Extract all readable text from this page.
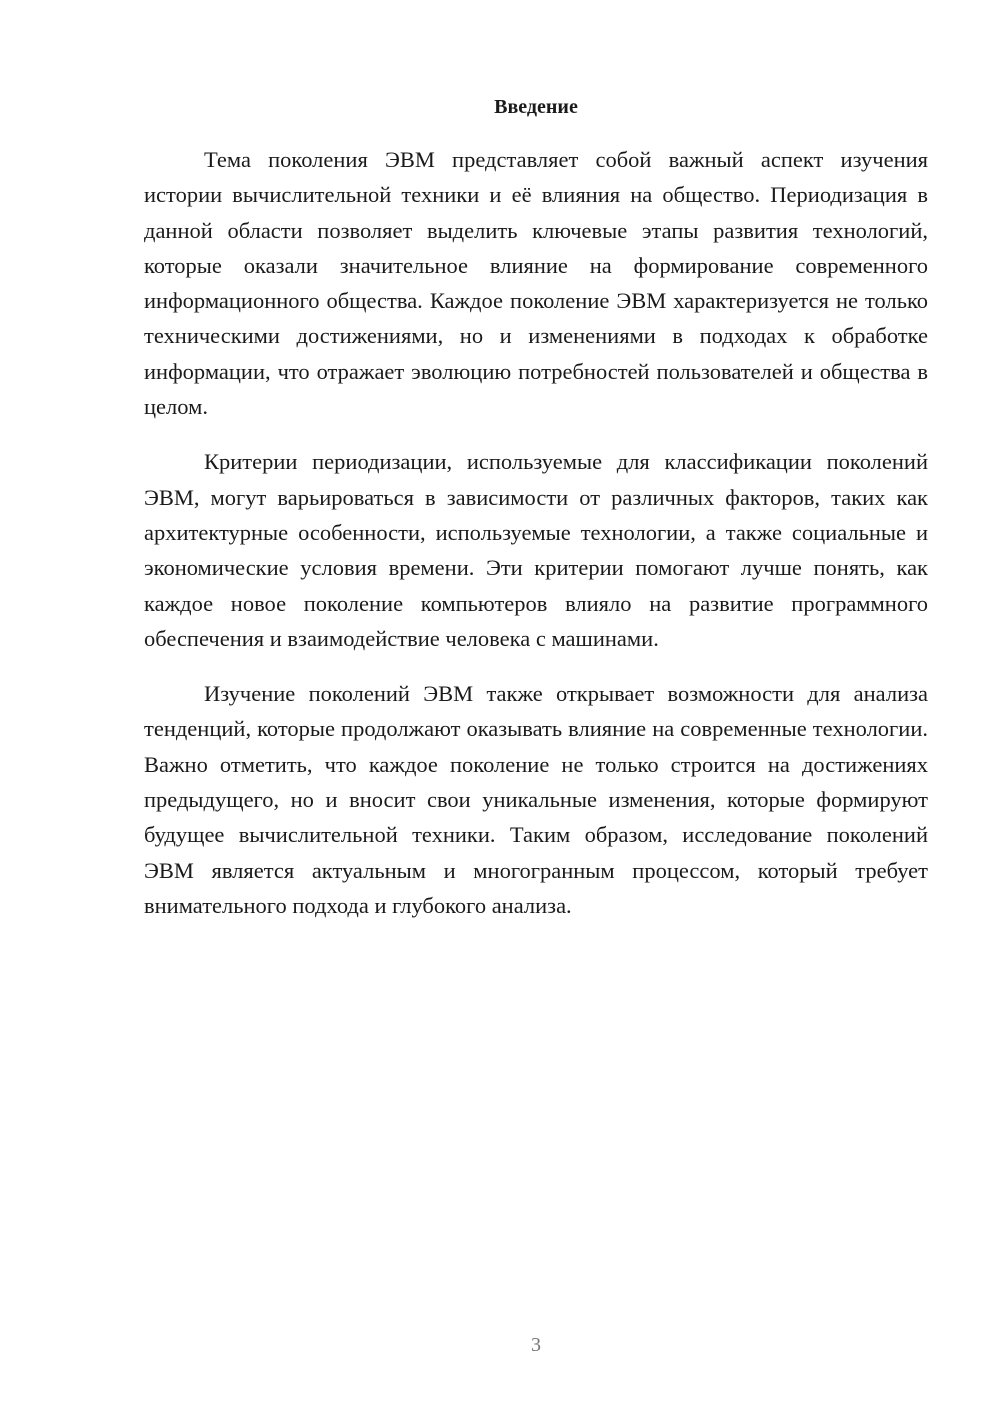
Введение

Тема поколения ЭВМ представляет собой важный аспект изучения истории вычислительной техники и её влияния на общество. Периодизация в данной области позволяет выделить ключевые этапы развития технологий, которые оказали значительное влияние на формирование современного информационного общества. Каждое поколение ЭВМ характеризуется не только техническими достижениями, но и изменениями в подходах к обработке информации, что отражает эволюцию потребностей пользователей и общества в целом.

Критерии периодизации, используемые для классификации поколений ЭВМ, могут варьироваться в зависимости от различных факторов, таких как архитектурные особенности, используемые технологии, а также социальные и экономические условия времени. Эти критерии помогают лучше понять, как каждое новое поколение компьютеров влияло на развитие программного обеспечения и взаимодействие человека с машинами.

Изучение поколений ЭВМ также открывает возможности для анализа тенденций, которые продолжают оказывать влияние на современные технологии. Важно отметить, что каждое поколение не только строится на достижениях предыдущего, но и вносит свои уникальные изменения, которые формируют будущее вычислительной техники. Таким образом, исследование поколений ЭВМ является актуальным и многогранным процессом, который требует внимательного подхода и глубокого анализа.

3
